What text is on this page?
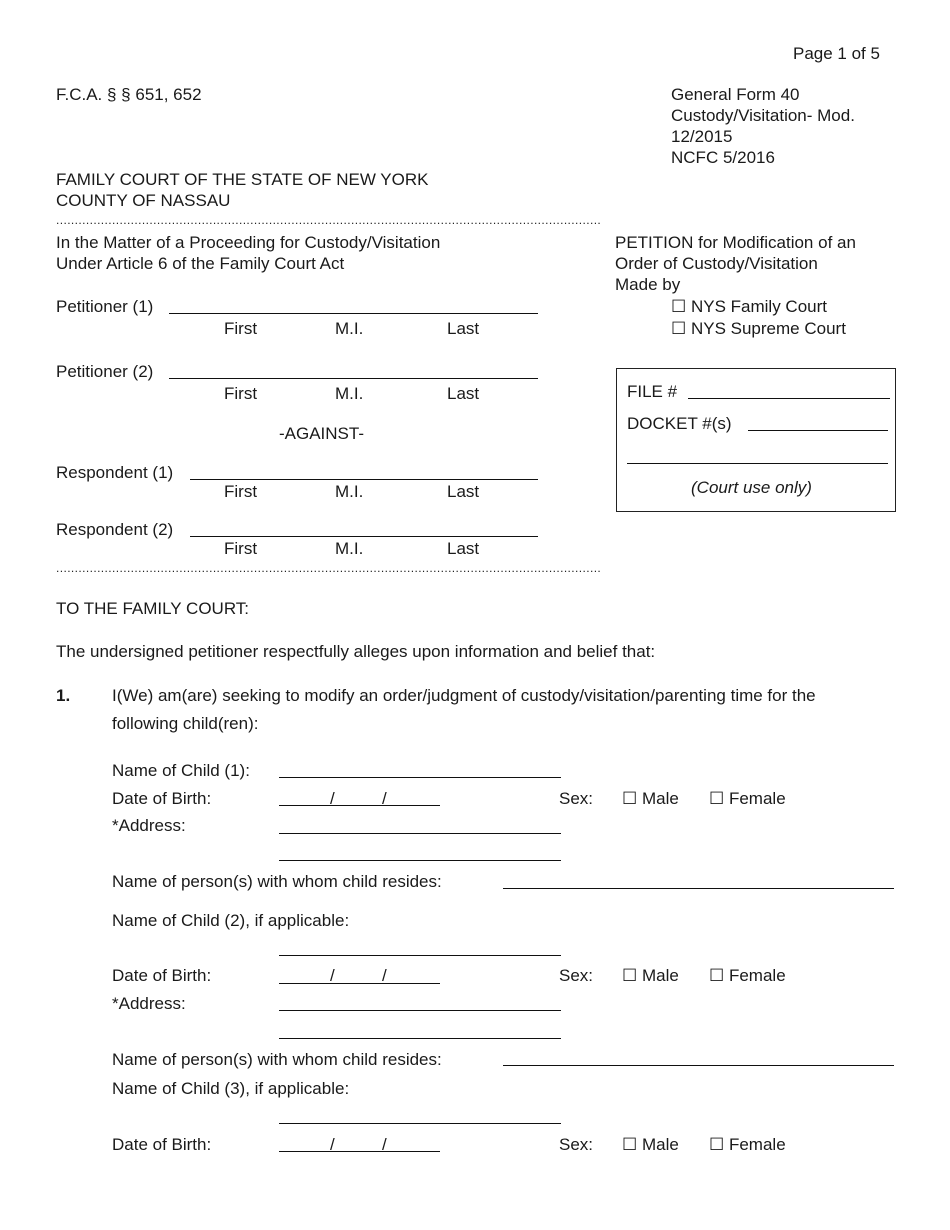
Page 1 of 5
F.C.A. § § 651, 652	General Form 40
Custody/Visitation- Mod.
12/2015
NCFC 5/2016
FAMILY COURT OF THE STATE OF NEW YORK
COUNTY OF NASSAU
..................................................................................................................................................
In the Matter of a Proceeding for Custody/Visitation
Under Article 6 of the Family Court Act
Petitioner (1)
First	M.I.	Last
Petitioner (2)
First	M.I.	Last
-AGAINST-
Respondent (1)
First	M.I.	Last
Respondent (2)
First	M.I.	Last
..................................................................................................................................................
PETITION for Modification of an
Order of Custody/Visitation
Made by
☐ NYS Family Court
☐ NYS Supreme Court
FILE #
DOCKET #(s)
(Court use only)
TO THE FAMILY COURT:
The undersigned petitioner respectfully alleges upon information and belief that:
1. I(We) am(are) seeking to modify an order/judgment of custody/visitation/parenting time for the
following child(ren):
Name of Child (1):
Date of Birth:	/	/	Sex: ☐ Male ☐ Female
*Address:
Name of person(s) with whom child resides:
Name of Child (2), if applicable:
Date of Birth:	/	/	Sex: ☐ Male ☐ Female
*Address:
Name of person(s) with whom child resides:
Name of Child (3), if applicable:
Date of Birth:	/	/	Sex: ☐ Male ☐ Female
